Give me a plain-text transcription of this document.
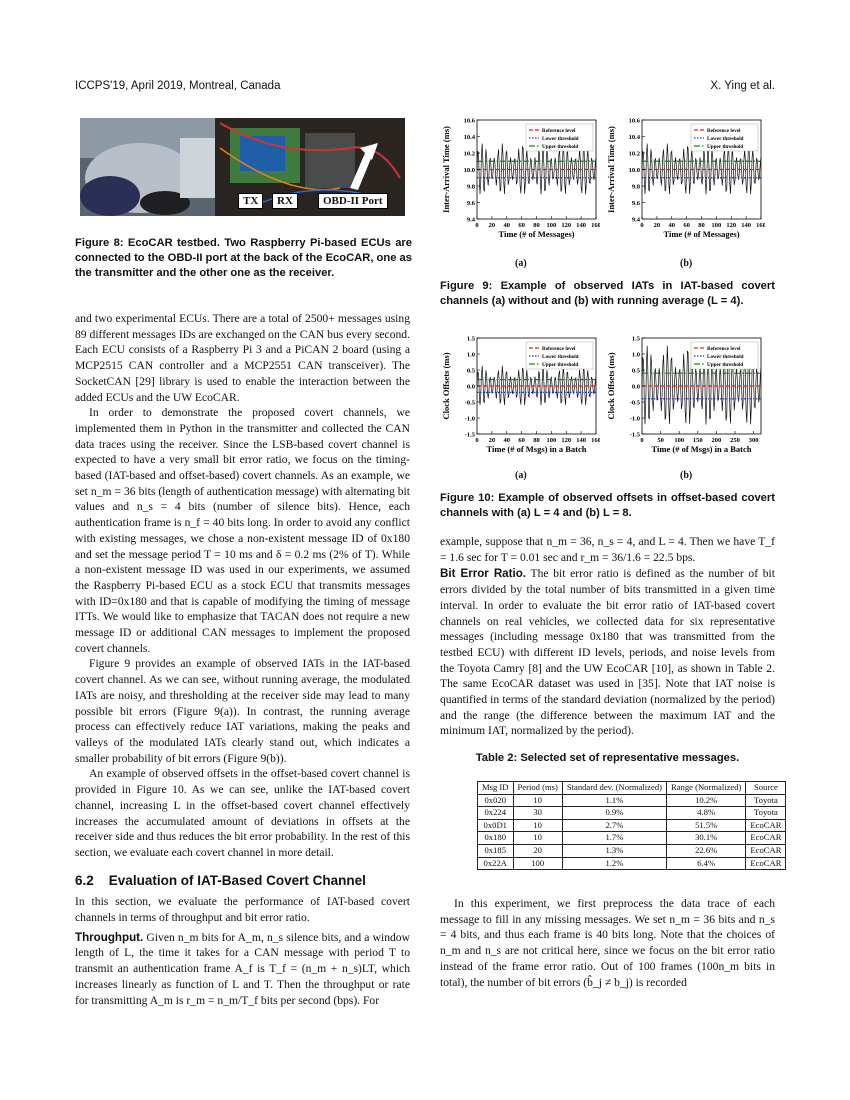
ICCPS'19, April 2019, Montreal, Canada	X. Ying et al.
TX	RX	OBD-II Port
Figure 8: EcoCAR testbed. Two Raspberry Pi-based ECUs are connected to the OBD-II port at the back of the EcoCAR, one as the transmitter and the other one as the receiver.

and two experimental ECUs. There are a total of 2500+ messages using 89 different messages IDs are exchanged on the CAN bus every second. Each ECU consists of a Raspberry Pi 3 and a PiCAN 2 board (using a MCP2515 CAN controller and a MCP2551 CAN transceiver). The SocketCAN [29] library is used to enable the interaction between the added ECUs and the UW EcoCAR.

In order to demonstrate the proposed covert channels, we implemented them in Python in the transmitter and collected the CAN data traces using the receiver. Since the LSB-based covert channel is expected to have a very small bit error ratio, we focus on the timing-based (IAT-based and offset-based) covert channels. As an example, we set n_m = 36 bits (length of authentication message) with alternating bit values and n_s = 4 bits (number of silence bits). Hence, each authentication frame is n_f = 40 bits long. In order to avoid any conflict with existing messages, we chose a non-existent message ID of 0x180 and set the message period T = 10 ms and δ = 0.2 ms (2% of T). While a non-existent message ID was used in our experiments, we assumed the Raspberry Pi-based ECU as a stock ECU that transmits messages with ID=0x180 and that is capable of modifying the timing of message ITTs. We would like to emphasize that TACAN does not require a new message ID or additional CAN messages to implement the proposed covert channels.

Figure 9 provides an example of observed IATs in the IAT-based covert channel. As we can see, without running average, the modulated IATs are noisy, and thresholding at the receiver side may lead to many possible bit errors (Figure 9(a)). In contrast, the running average process can effectively reduce IAT variations, making the peaks and valleys of the modulated IATs clearly stand out, which indicates a smaller probability of bit errors (Figure 9(b)).

An example of observed offsets in the offset-based covert channel is provided in Figure 10. As we can see, unlike the IAT-based covert channel, increasing L in the offset-based covert channel effectively increases the accumulated amount of deviations in offsets at the receiver side and thus reduces the bit error probability. In the rest of this section, we evaluate each covert channel in more detail.

6.2 Evaluation of IAT-Based Covert Channel

In this section, we evaluate the performance of IAT-based covert channels in terms of throughput and bit error ratio.

Throughput. Given n_m bits for A_m, n_s silence bits, and a window length of L, the time it takes for a CAN message with period T to transmit an authentication frame A_f is T_f = (n_m + n_s)LT, which increases linearly as function of L and T. Then the throughput or rate for transmitting A_m is r_m = n_m/T_f bits per second (bps). For

9.4
9.6
9.8
10.0
10.2
10.4
10.6
0 20 40 60 80 100 120 140 160
Time (# of Messages)
Inter-Arrival Time (ms)	Reference level
Lower threshold
Upper threshold
9.4
9.6
9.8
10.0
10.2
10.4
10.6
0 20 40 60 80 100 120 140 160
Time (# of Messages)
Inter-Arrival Time (ms)	Reference level
Lower threshold
Upper threshold
(a)	(b)
Figure 9: Example of observed IATs in IAT-based covert channels (a) without and (b) with running average (L = 4).
-1.5
-1.0
-0.5
0.0
0.5
1.0
1.5
0 20 40 60 80 100 120 140 160
Time (# of Msgs) in a Batch
Clock Offsets (ms)
Reference level
Lower threshold
Upper threshold
-1.5
-1.0
-0.5
0.0
0.5
1.0
1.5
0 50 100 150 200 250 300
Time (# of Msgs) in a Batch
Clock Offsets (ms)
Reference level
Lower threshold
Upper threshold
(a)	(b)
Figure 10: Example of observed offsets in offset-based covert channels with (a) L = 4 and (b) L = 8.

example, suppose that n_m = 36, n_s = 4, and L = 4. Then we have T_f = 1.6 sec for T = 0.01 sec and r_m = 36/1.6 = 22.5 bps.

Bit Error Ratio. The bit error ratio is defined as the number of bit errors divided by the total number of bits transmitted in a given time interval. In order to evaluate the bit error ratio of IAT-based covert channels on real vehicles, we collected data for six representative messages (including message 0x180 that was transmitted from the testbed ECU) with different ID levels, periods, and noise levels from the Toyota Camry [8] and the UW EcoCAR [10], as shown in Table 2. The same EcoCAR dataset was used in [35]. Note that IAT noise is quantified in terms of the standard deviation (normalized by the period) and the range (the difference between the maximum IAT and the minimum IAT, normalized by the period).

Table 2: Selected set of representative messages.
Msg ID	Period (ms)	Standard dev. (Normalized)	Range (Normalized)	Source
0x020	10	1.1%	10.2%	Toyota
0x224	30	0.9%	4.8%	Toyota
0x0D1	10	2.7%	51.5%	EcoCAR
0x180	10	1.7%	30.1%	EcoCAR
0x185	20	1.3%	22.6%	EcoCAR
0x22A	100	1.2%	6.4%	EcoCAR
In this experiment, we first preprocess the data trace of each message to fill in any missing messages. We set n_m = 36 bits and n_s = 4 bits, and thus each frame is 40 bits long. Note that the choices of n_m and n_s are not critical here, since we focus on the bit error ratio instead of the frame error ratio. Out of 100 frames (100n_m bits in total), the number of bit errors (b̂_j ≠ b_j) is recorded
